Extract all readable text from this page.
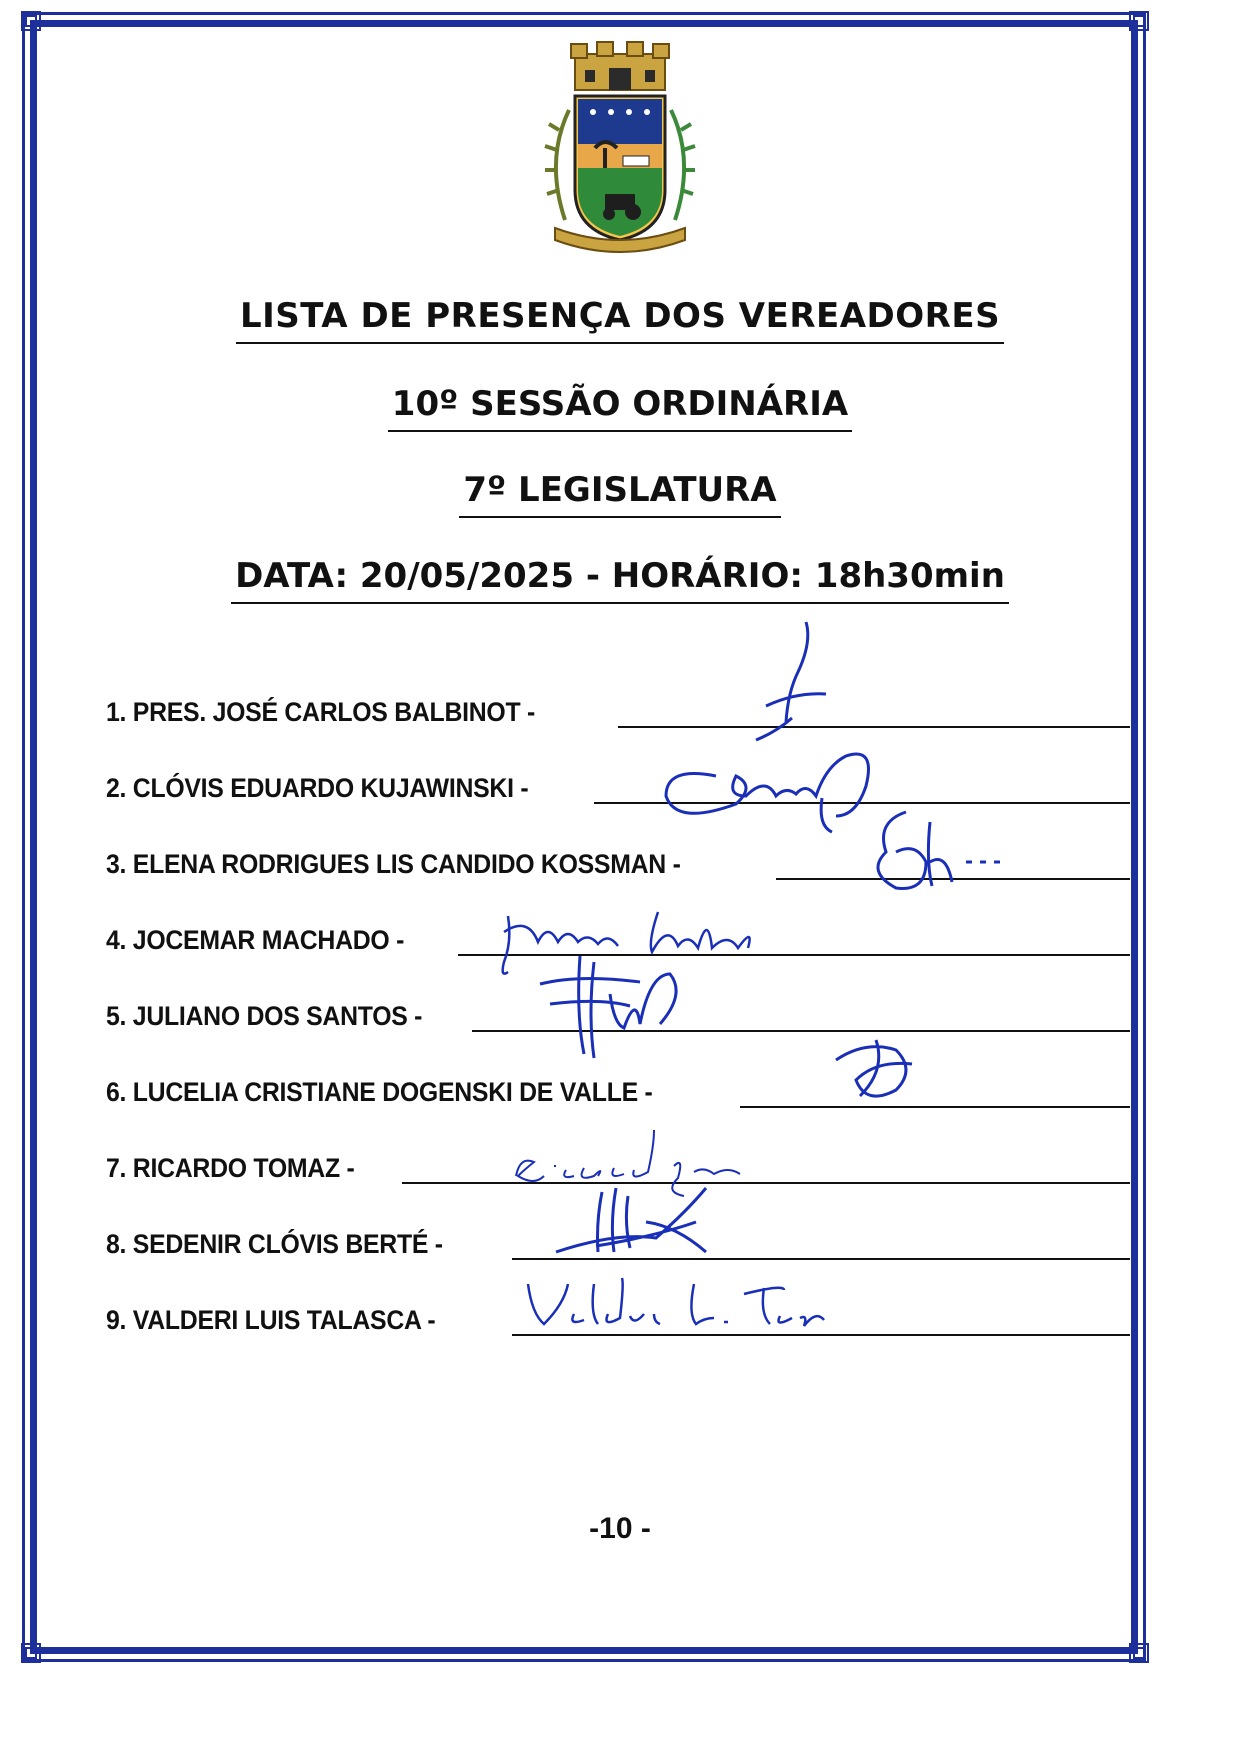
LISTA DE PRESENÇA DOS VEREADORES
10º SESSÃO ORDINÁRIA
7º LEGISLATURA
DATA: 20/05/2025 - HORÁRIO: 18h30min
1. PRES. JOSÉ CARLOS BALBINOT -
2. CLÓVIS EDUARDO KUJAWINSKI -
3. ELENA RODRIGUES LIS CANDIDO KOSSMAN -
4. JOCEMAR MACHADO -
5. JULIANO DOS SANTOS -
6. LUCELIA CRISTIANE DOGENSKI DE VALLE -
7. RICARDO TOMAZ -
8. SEDENIR CLÓVIS BERTÉ -
9. VALDERI LUIS TALASCA -
-10 -
